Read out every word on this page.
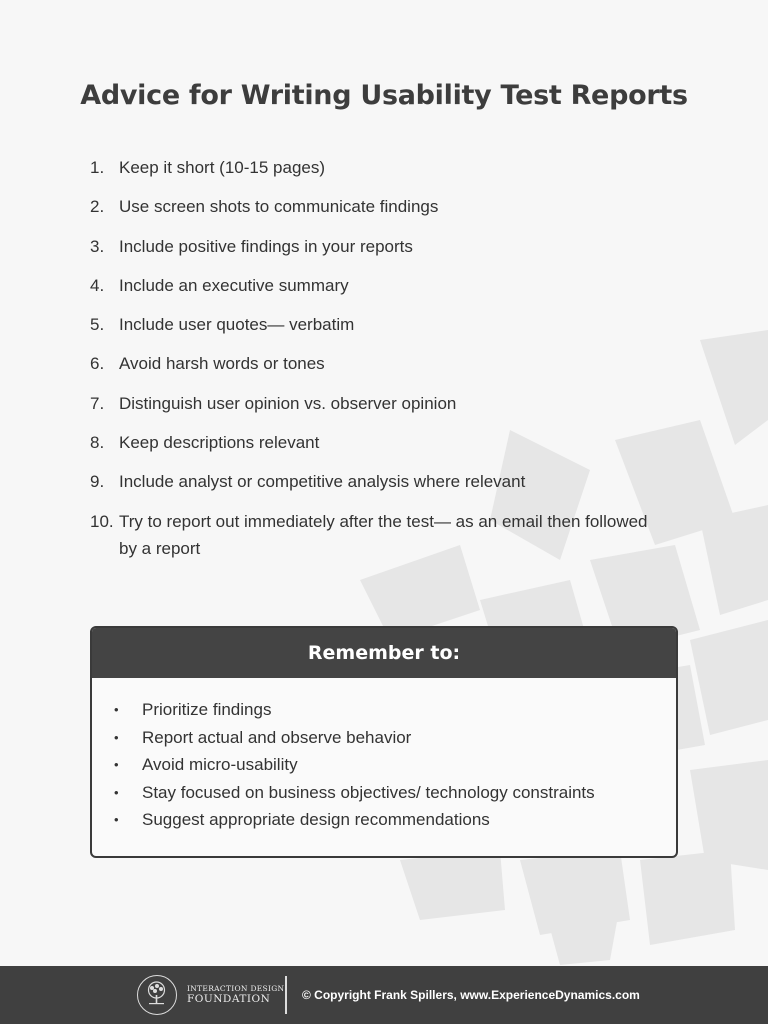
Advice for Writing Usability Test Reports
1. Keep it short (10-15 pages)
2. Use screen shots to communicate findings
3. Include positive findings in your reports
4. Include an executive summary
5. Include user quotes— verbatim
6. Avoid harsh words or tones
7. Distinguish user opinion vs. observer opinion
8. Keep descriptions relevant
9. Include analyst or competitive analysis where relevant
10. Try to report out immediately after the test— as an email then followed by a report
Remember to:
•	Prioritize findings
•	Report actual and observe behavior
•	Avoid micro-usability
•	Stay focused on business objectives/ technology constraints
•	Suggest appropriate design recommendations
INTERACTION DESIGN
FOUNDATION	© Copyright Frank Spillers, www.ExperienceDynamics.com
